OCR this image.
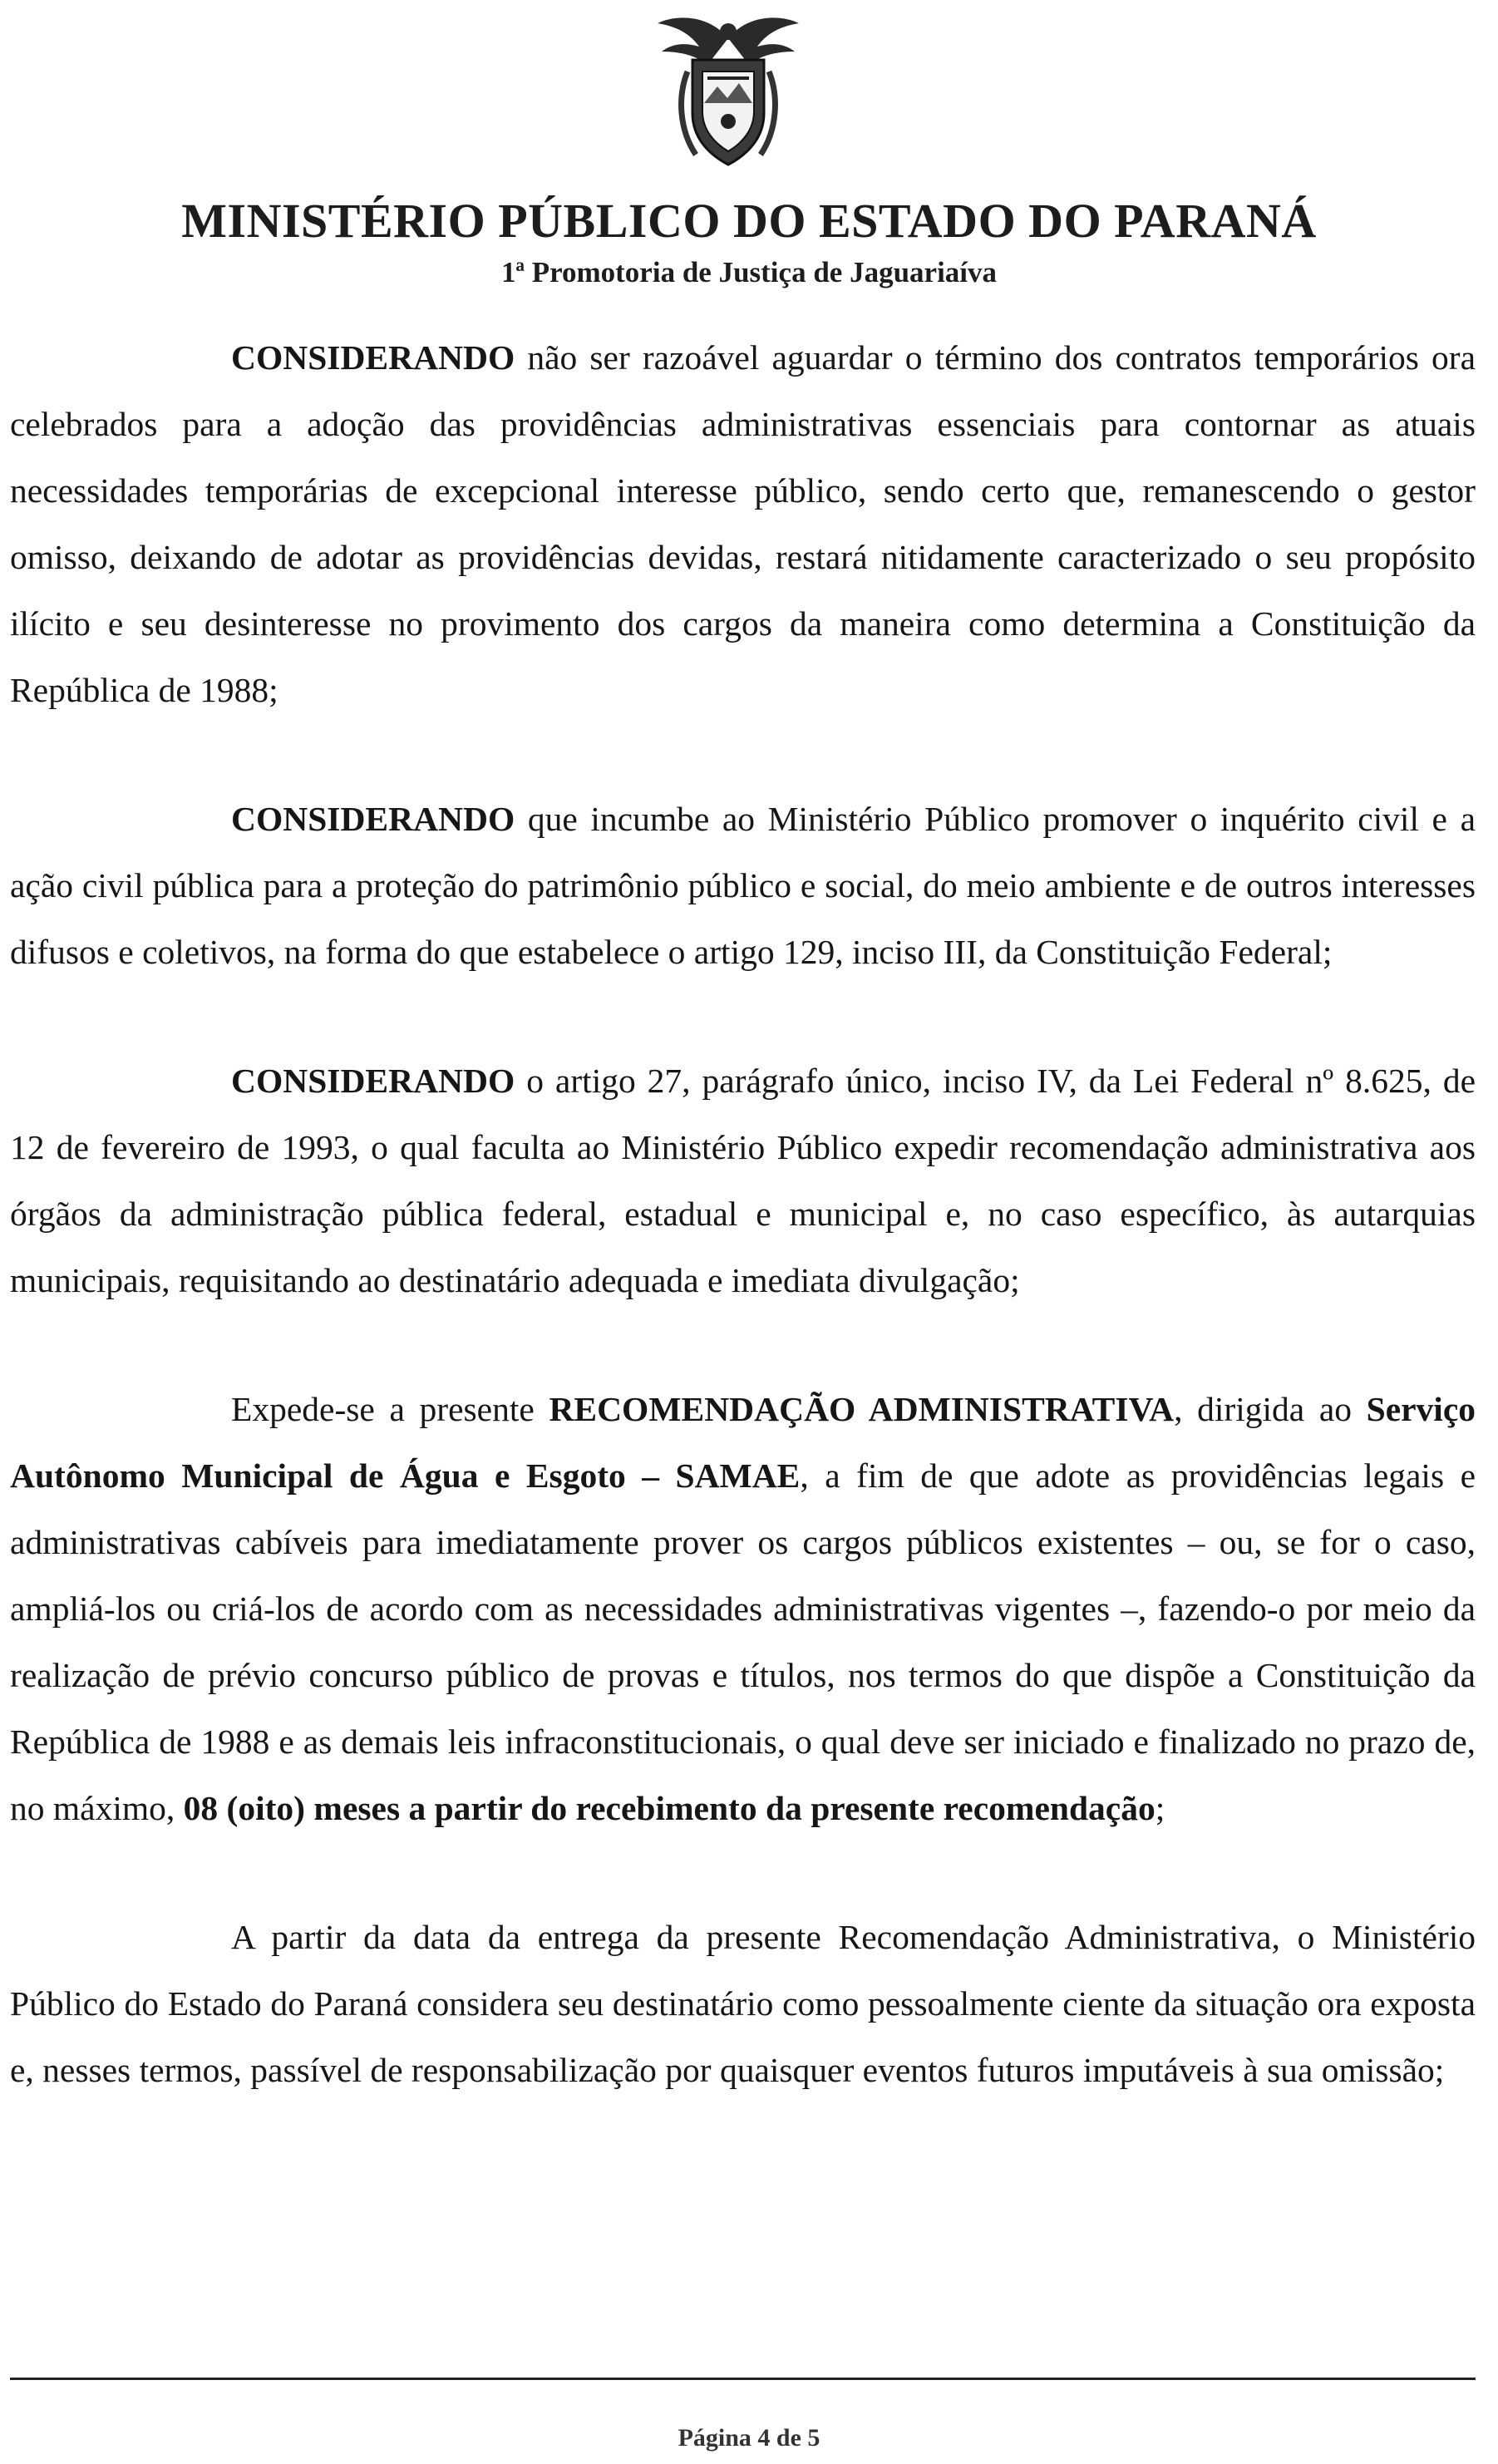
MINISTÉRIO PÚBLICO DO ESTADO DO PARANÁ
1ª Promotoria de Justiça de Jaguariaíva

CONSIDERANDO não ser razoável aguardar o término dos contratos temporários ora celebrados para a adoção das providências administrativas essenciais para contornar as atuais necessidades temporárias de excepcional interesse público, sendo certo que, remanescendo o gestor omisso, deixando de adotar as providências devidas, restará nitidamente caracterizado o seu propósito ilícito e seu desinteresse no provimento dos cargos da maneira como determina a Constituição da República de 1988;

CONSIDERANDO que incumbe ao Ministério Público promover o inquérito civil e a ação civil pública para a proteção do patrimônio público e social, do meio ambiente e de outros interesses difusos e coletivos, na forma do que estabelece o artigo 129, inciso III, da Constituição Federal;

CONSIDERANDO o artigo 27, parágrafo único, inciso IV, da Lei Federal nº 8.625, de 12 de fevereiro de 1993, o qual faculta ao Ministério Público expedir recomendação administrativa aos órgãos da administração pública federal, estadual e municipal e, no caso específico, às autarquias municipais, requisitando ao destinatário adequada e imediata divulgação;

Expede-se a presente RECOMENDAÇÃO ADMINISTRATIVA, dirigida ao Serviço Autônomo Municipal de Água e Esgoto – SAMAE, a fim de que adote as providências legais e administrativas cabíveis para imediatamente prover os cargos públicos existentes – ou, se for o caso, ampliá-los ou criá-los de acordo com as necessidades administrativas vigentes –, fazendo-o por meio da realização de prévio concurso público de provas e títulos, nos termos do que dispõe a Constituição da República de 1988 e as demais leis infraconstitucionais, o qual deve ser iniciado e finalizado no prazo de, no máximo, 08 (oito) meses a partir do recebimento da presente recomendação;

A partir da data da entrega da presente Recomendação Administrativa, o Ministério Público do Estado do Paraná considera seu destinatário como pessoalmente ciente da situação ora exposta e, nesses termos, passível de responsabilização por quaisquer eventos futuros imputáveis à sua omissão;

Página 4 de 5
